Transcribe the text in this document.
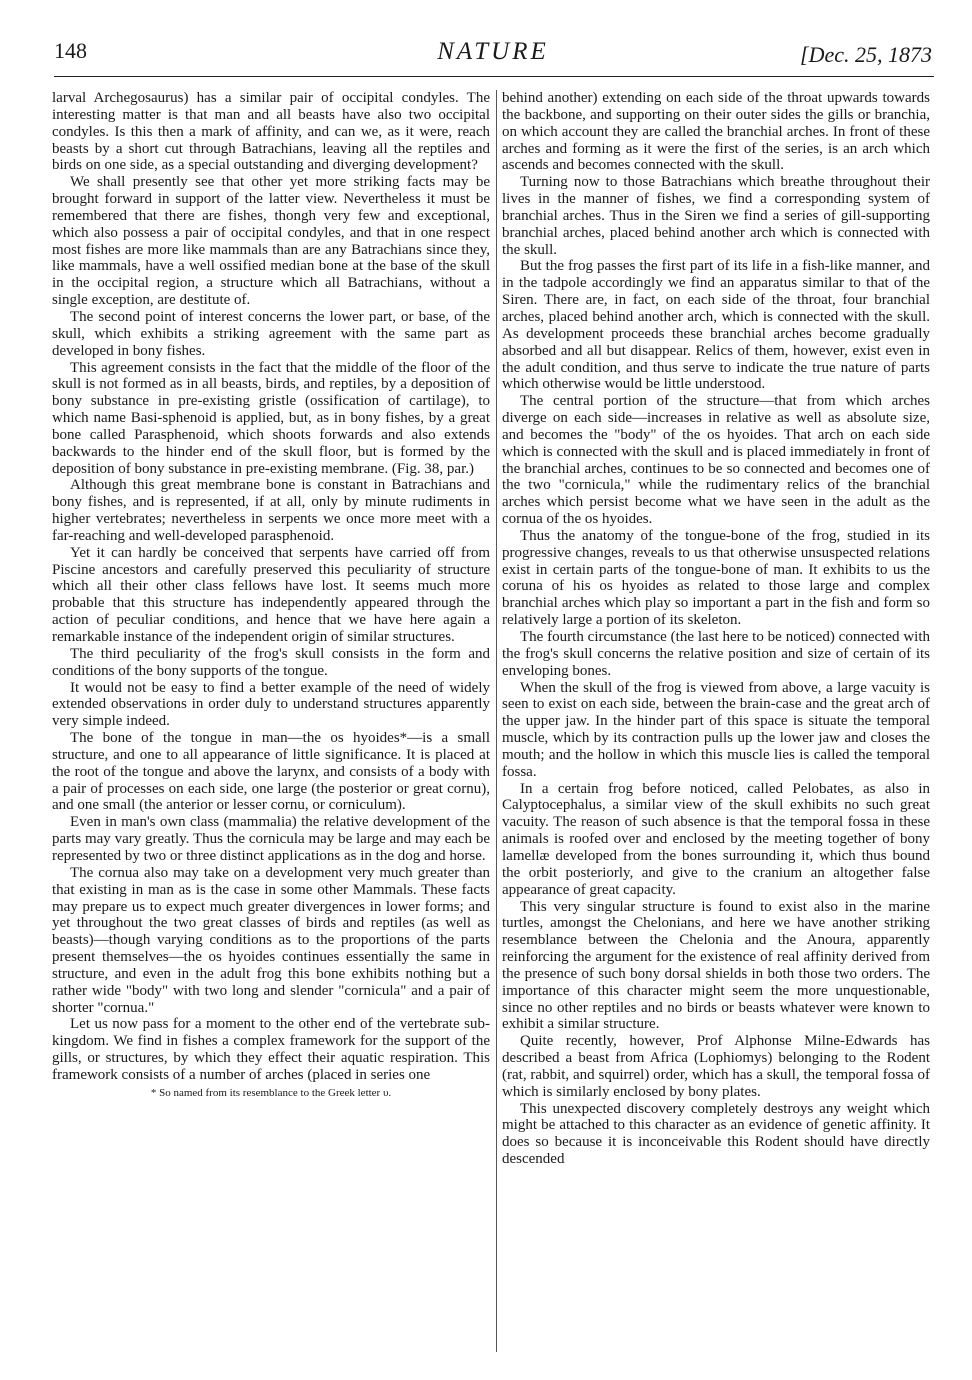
148	NATURE	[Dec. 25, 1873

larval Archegosaurus) has a similar pair of occipital condyles. The interesting matter is that man and all beasts have also two occipital condyles. Is this then a mark of affinity, and can we, as it were, reach beasts by a short cut through Batrachians, leaving all the reptiles and birds on one side, as a special outstanding and diverging development?

We shall presently see that other yet more striking facts may be brought forward in support of the latter view. Nevertheless it must be remembered that there are fishes, thongh very few and exceptional, which also possess a pair of occipital condyles, and that in one respect most fishes are more like mammals than are any Batrachians since they, like mammals, have a well ossified median bone at the base of the skull in the occipital region, a structure which all Batrachians, without a single exception, are destitute of.

The second point of interest concerns the lower part, or base, of the skull, which exhibits a striking agreement with the same part as developed in bony fishes.

This agreement consists in the fact that the middle of the floor of the skull is not formed as in all beasts, birds, and reptiles, by a deposition of bony substance in pre-existing gristle (ossification of cartilage), to which name Basi-sphenoid is applied, but, as in bony fishes, by a great bone called Parasphenoid, which shoots forwards and also extends backwards to the hinder end of the skull floor, but is formed by the deposition of bony substance in pre-existing membrane. (Fig. 38, par.)

Although this great membrane bone is constant in Batrachians and bony fishes, and is represented, if at all, only by minute rudiments in higher vertebrates; nevertheless in serpents we once more meet with a far-reaching and well-developed parasphenoid.

Yet it can hardly be conceived that serpents have carried off from Piscine ancestors and carefully preserved this peculiarity of structure which all their other class fellows have lost. It seems much more probable that this structure has independently appeared through the action of peculiar conditions, and hence that we have here again a remarkable instance of the independent origin of similar structures.

The third peculiarity of the frog's skull consists in the form and conditions of the bony supports of the tongue.

It would not be easy to find a better example of the need of widely extended observations in order duly to understand structures apparently very simple indeed.

The bone of the tongue in man—the os hyoides*—is a small structure, and one to all appearance of little significance. It is placed at the root of the tongue and above the larynx, and consists of a body with a pair of processes on each side, one large (the posterior or great cornu), and one small (the anterior or lesser cornu, or corniculum).

Even in man's own class (mammalia) the relative development of the parts may vary greatly. Thus the cornicula may be large and may each be represented by two or three distinct applications as in the dog and horse.

The cornua also may take on a development very much greater than that existing in man as is the case in some other Mammals. These facts may prepare us to expect much greater divergences in lower forms; and yet throughout the two great classes of birds and reptiles (as well as beasts)—though varying conditions as to the proportions of the parts present themselves—the os hyoides continues essentially the same in structure, and even in the adult frog this bone exhibits nothing but a rather wide "body" with two long and slender "cornicula" and a pair of shorter "cornua."

Let us now pass for a moment to the other end of the vertebrate sub-kingdom. We find in fishes a complex framework for the support of the gills, or structures, by which they effect their aquatic respiration. This framework consists of a number of arches (placed in series one

* So named from its resemblance to the Greek letter υ.

behind another) extending on each side of the throat upwards towards the backbone, and supporting on their outer sides the gills or branchia, on which account they are called the branchial arches. In front of these arches and forming as it were the first of the series, is an arch which ascends and becomes connected with the skull.

Turning now to those Batrachians which breathe throughout their lives in the manner of fishes, we find a corresponding system of branchial arches. Thus in the Siren we find a series of gill-supporting branchial arches, placed behind another arch which is connected with the skull.

But the frog passes the first part of its life in a fish-like manner, and in the tadpole accordingly we find an apparatus similar to that of the Siren. There are, in fact, on each side of the throat, four branchial arches, placed behind another arch, which is connected with the skull. As development proceeds these branchial arches become gradually absorbed and all but disappear. Relics of them, however, exist even in the adult condition, and thus serve to indicate the true nature of parts which otherwise would be little understood.

The central portion of the structure—that from which arches diverge on each side—increases in relative as well as absolute size, and becomes the "body" of the os hyoides. That arch on each side which is connected with the skull and is placed immediately in front of the branchial arches, continues to be so connected and becomes one of the two "cornicula," while the rudimentary relics of the branchial arches which persist become what we have seen in the adult as the cornua of the os hyoides.

Thus the anatomy of the tongue-bone of the frog, studied in its progressive changes, reveals to us that otherwise unsuspected relations exist in certain parts of the tongue-bone of man. It exhibits to us the coruna of his os hyoides as related to those large and complex branchial arches which play so important a part in the fish and form so relatively large a portion of its skeleton.

The fourth circumstance (the last here to be noticed) connected with the frog's skull concerns the relative position and size of certain of its enveloping bones.

When the skull of the frog is viewed from above, a large vacuity is seen to exist on each side, between the brain-case and the great arch of the upper jaw. In the hinder part of this space is situate the temporal muscle, which by its contraction pulls up the lower jaw and closes the mouth; and the hollow in which this muscle lies is called the temporal fossa.

In a certain frog before noticed, called Pelobates, as also in Calyptocephalus, a similar view of the skull exhibits no such great vacuity. The reason of such absence is that the temporal fossa in these animals is roofed over and enclosed by the meeting together of bony lamellæ developed from the bones surrounding it, which thus bound the orbit posteriorly, and give to the cranium an altogether false appearance of great capacity.

This very singular structure is found to exist also in the marine turtles, amongst the Chelonians, and here we have another striking resemblance between the Chelonia and the Anoura, apparently reinforcing the argument for the existence of real affinity derived from the presence of such bony dorsal shields in both those two orders. The importance of this character might seem the more unquestionable, since no other reptiles and no birds or beasts whatever were known to exhibit a similar structure.

Quite recently, however, Prof Alphonse Milne-Edwards has described a beast from Africa (Lophiomys) belonging to the Rodent (rat, rabbit, and squirrel) order, which has a skull, the temporal fossa of which is similarly enclosed by bony plates.

This unexpected discovery completely destroys any weight which might be attached to this character as an evidence of genetic affinity. It does so because it is inconceivable this Rodent should have directly descended
